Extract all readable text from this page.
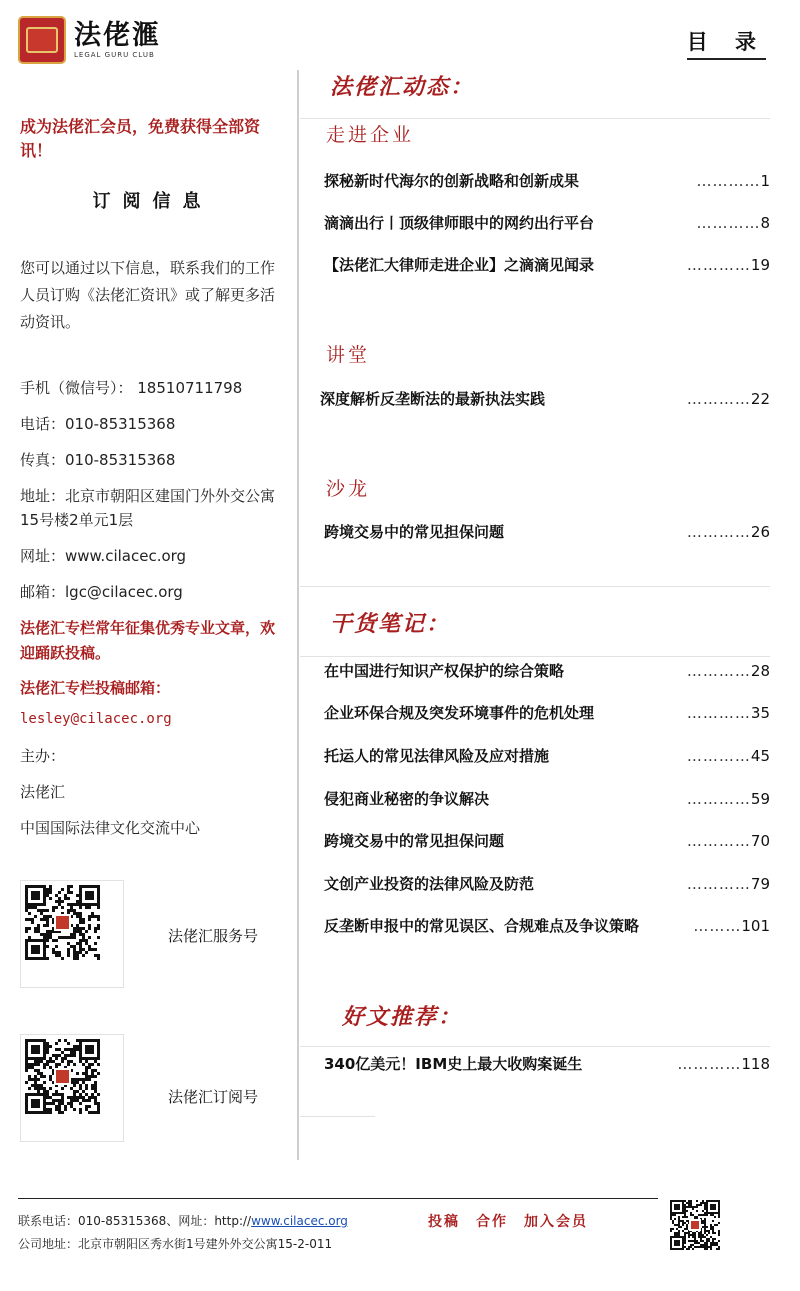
法佬滙
LEGAL GURU CLUB
目 录
成为法佬汇会员，免费获得全部资讯！
订阅信息
您可以通过以下信息，联系我们的工作人员订购《法佬汇资讯》或了解更多活动资讯。
手机（微信号）： 18510711798
电话：010-85315368
传真：010-85315368
地址：北京市朝阳区建国门外外交公寓15号楼2单元1层
网址：www.cilacec.org
邮箱：lgc@cilacec.org
法佬汇专栏常年征集优秀专业文章，欢迎踊跃投稿。
法佬汇专栏投稿邮箱：
lesley@cilacec.org
主办：
法佬汇
中国国际法律文化交流中心
法佬汇服务号
法佬汇订阅号
法佬汇动态：
走进企业
探秘新时代海尔的创新战略和创新成果	………… 1
滴滴出行丨顶级律师眼中的网约出行平台	………… 8
【法佬汇大律师走进企业】之滴滴见闻录	………… 19
讲堂
深度解析反垄断法的最新执法实践	………… 22
沙龙
跨境交易中的常见担保问题	………… 26
干货笔记：
在中国进行知识产权保护的综合策略	………… 28
企业环保合规及突发环境事件的危机处理	………… 35
托运人的常见法律风险及应对措施	………… 45
侵犯商业秘密的争议解决	………… 59
跨境交易中的常见担保问题	………… 70
文创产业投资的法律风险及防范	………… 79
反垄断申报中的常见误区、合规难点及争议策略	……… 101
好文推荐：
340亿美元！IBM史上最大收购案诞生	………… 118
联系电话：010-85315368、网址：http://www.cilacec.org
公司地址：北京市朝阳区秀水街1号建外外交公寓15-2-011
投稿 合作 加入会员
